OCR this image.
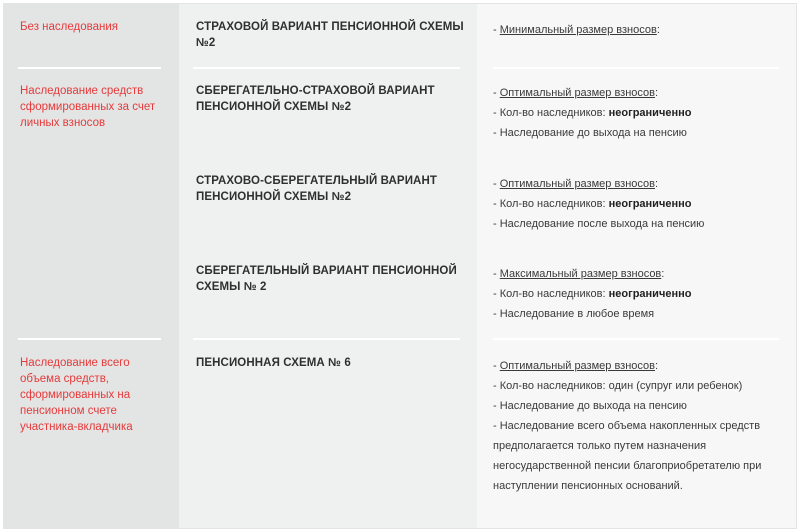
Без наследования

Наследование средств сформированных за счет личных взносов

Наследование всего объема средств, сформированных на пенсионном счете участника-вкладчика

СТРАХОВОЙ ВАРИАНТ ПЕНСИОННОЙ СХЕМЫ №2

СБЕРЕГАТЕЛЬНО-СТРАХОВОЙ ВАРИАНТ ПЕНСИОННОЙ СХЕМЫ №2

СТРАХОВО-СБЕРЕГАТЕЛЬНЫЙ ВАРИАНТ ПЕНСИОННОЙ СХЕМЫ №2

СБЕРЕГАТЕЛЬНЫЙ ВАРИАНТ ПЕНСИОННОЙ СХЕМЫ № 2

ПЕНСИОННАЯ СХЕМА № 6

- Минимальный размер взносов:
- Оптимальный размер взносов:
- Кол-во наследников: неограниченно
- Наследование до выхода на пенсию
- Оптимальный размер взносов:
- Кол-во наследников: неограниченно
- Наследование после выхода на пенсию
- Максимальный размер взносов:
- Кол-во наследников: неограниченно
- Наследование в любое время
- Оптимальный размер взносов:
- Кол-во наследников: один (супруг или ребенок)
- Наследование до выхода на пенсию
- Наследование всего объема накопленных средств предполагается только путем назначения негосударственной пенсии благоприобретателю при наступлении пенсионных оснований.
